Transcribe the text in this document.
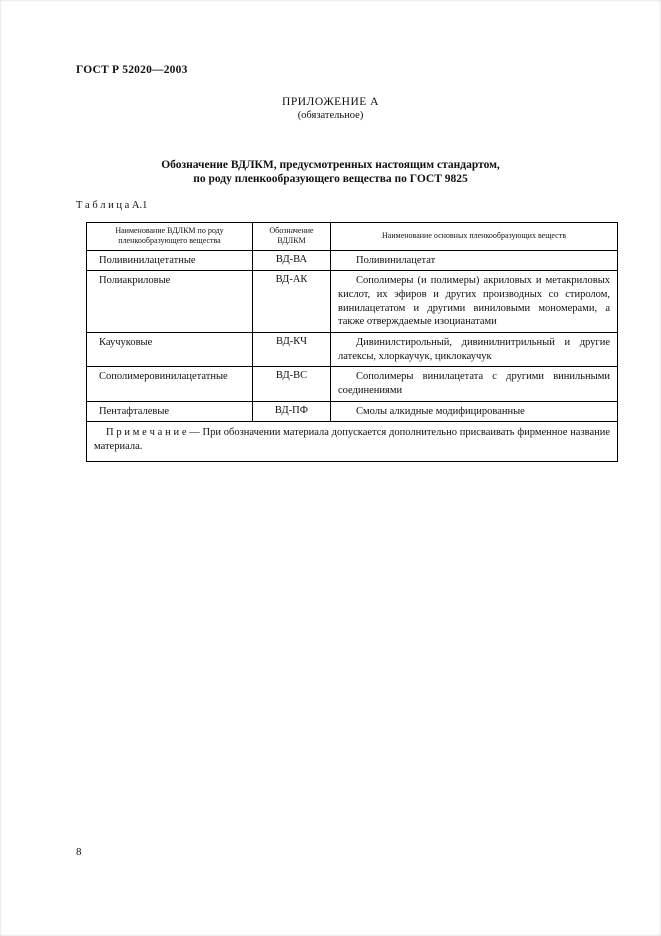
ГОСТ Р 52020—2003
ПРИЛОЖЕНИЕ А
(обязательное)
Обозначение ВДЛКМ, предусмотренных настоящим стандартом,
по роду пленкообразующего вещества по ГОСТ 9825
Т а б л и ц а А.1
Наименование ВДЛКМ по роду пленкообразующего вещества	Обозначение ВДЛКМ	Наименование основных пленкообразующих веществ
Поливинилацетатные	ВД-ВА	Поливинилацетат
Полиакриловые	ВД-АК	Сополимеры (и полимеры) акриловых и метакриловых кислот, их эфиров и других производных со стиролом, винилацетатом и другими виниловыми мономерами, а также отверждаемые изоцианатами
Каучуковые	ВД-КЧ	Дивинилстирольный, дивинилнитрильный и другие латексы, хлоркаучук, циклокаучук
Сополимеровинилацетатные	ВД-ВС	Сополимеры винилацетата с другими винильными соединениями
Пентафталевые	ВД-ПФ	Смолы алкидные модифицированные
П р и м е ч а н и е — При обозначении материала допускается дополнительно присваивать фирменное название материала.		
8
